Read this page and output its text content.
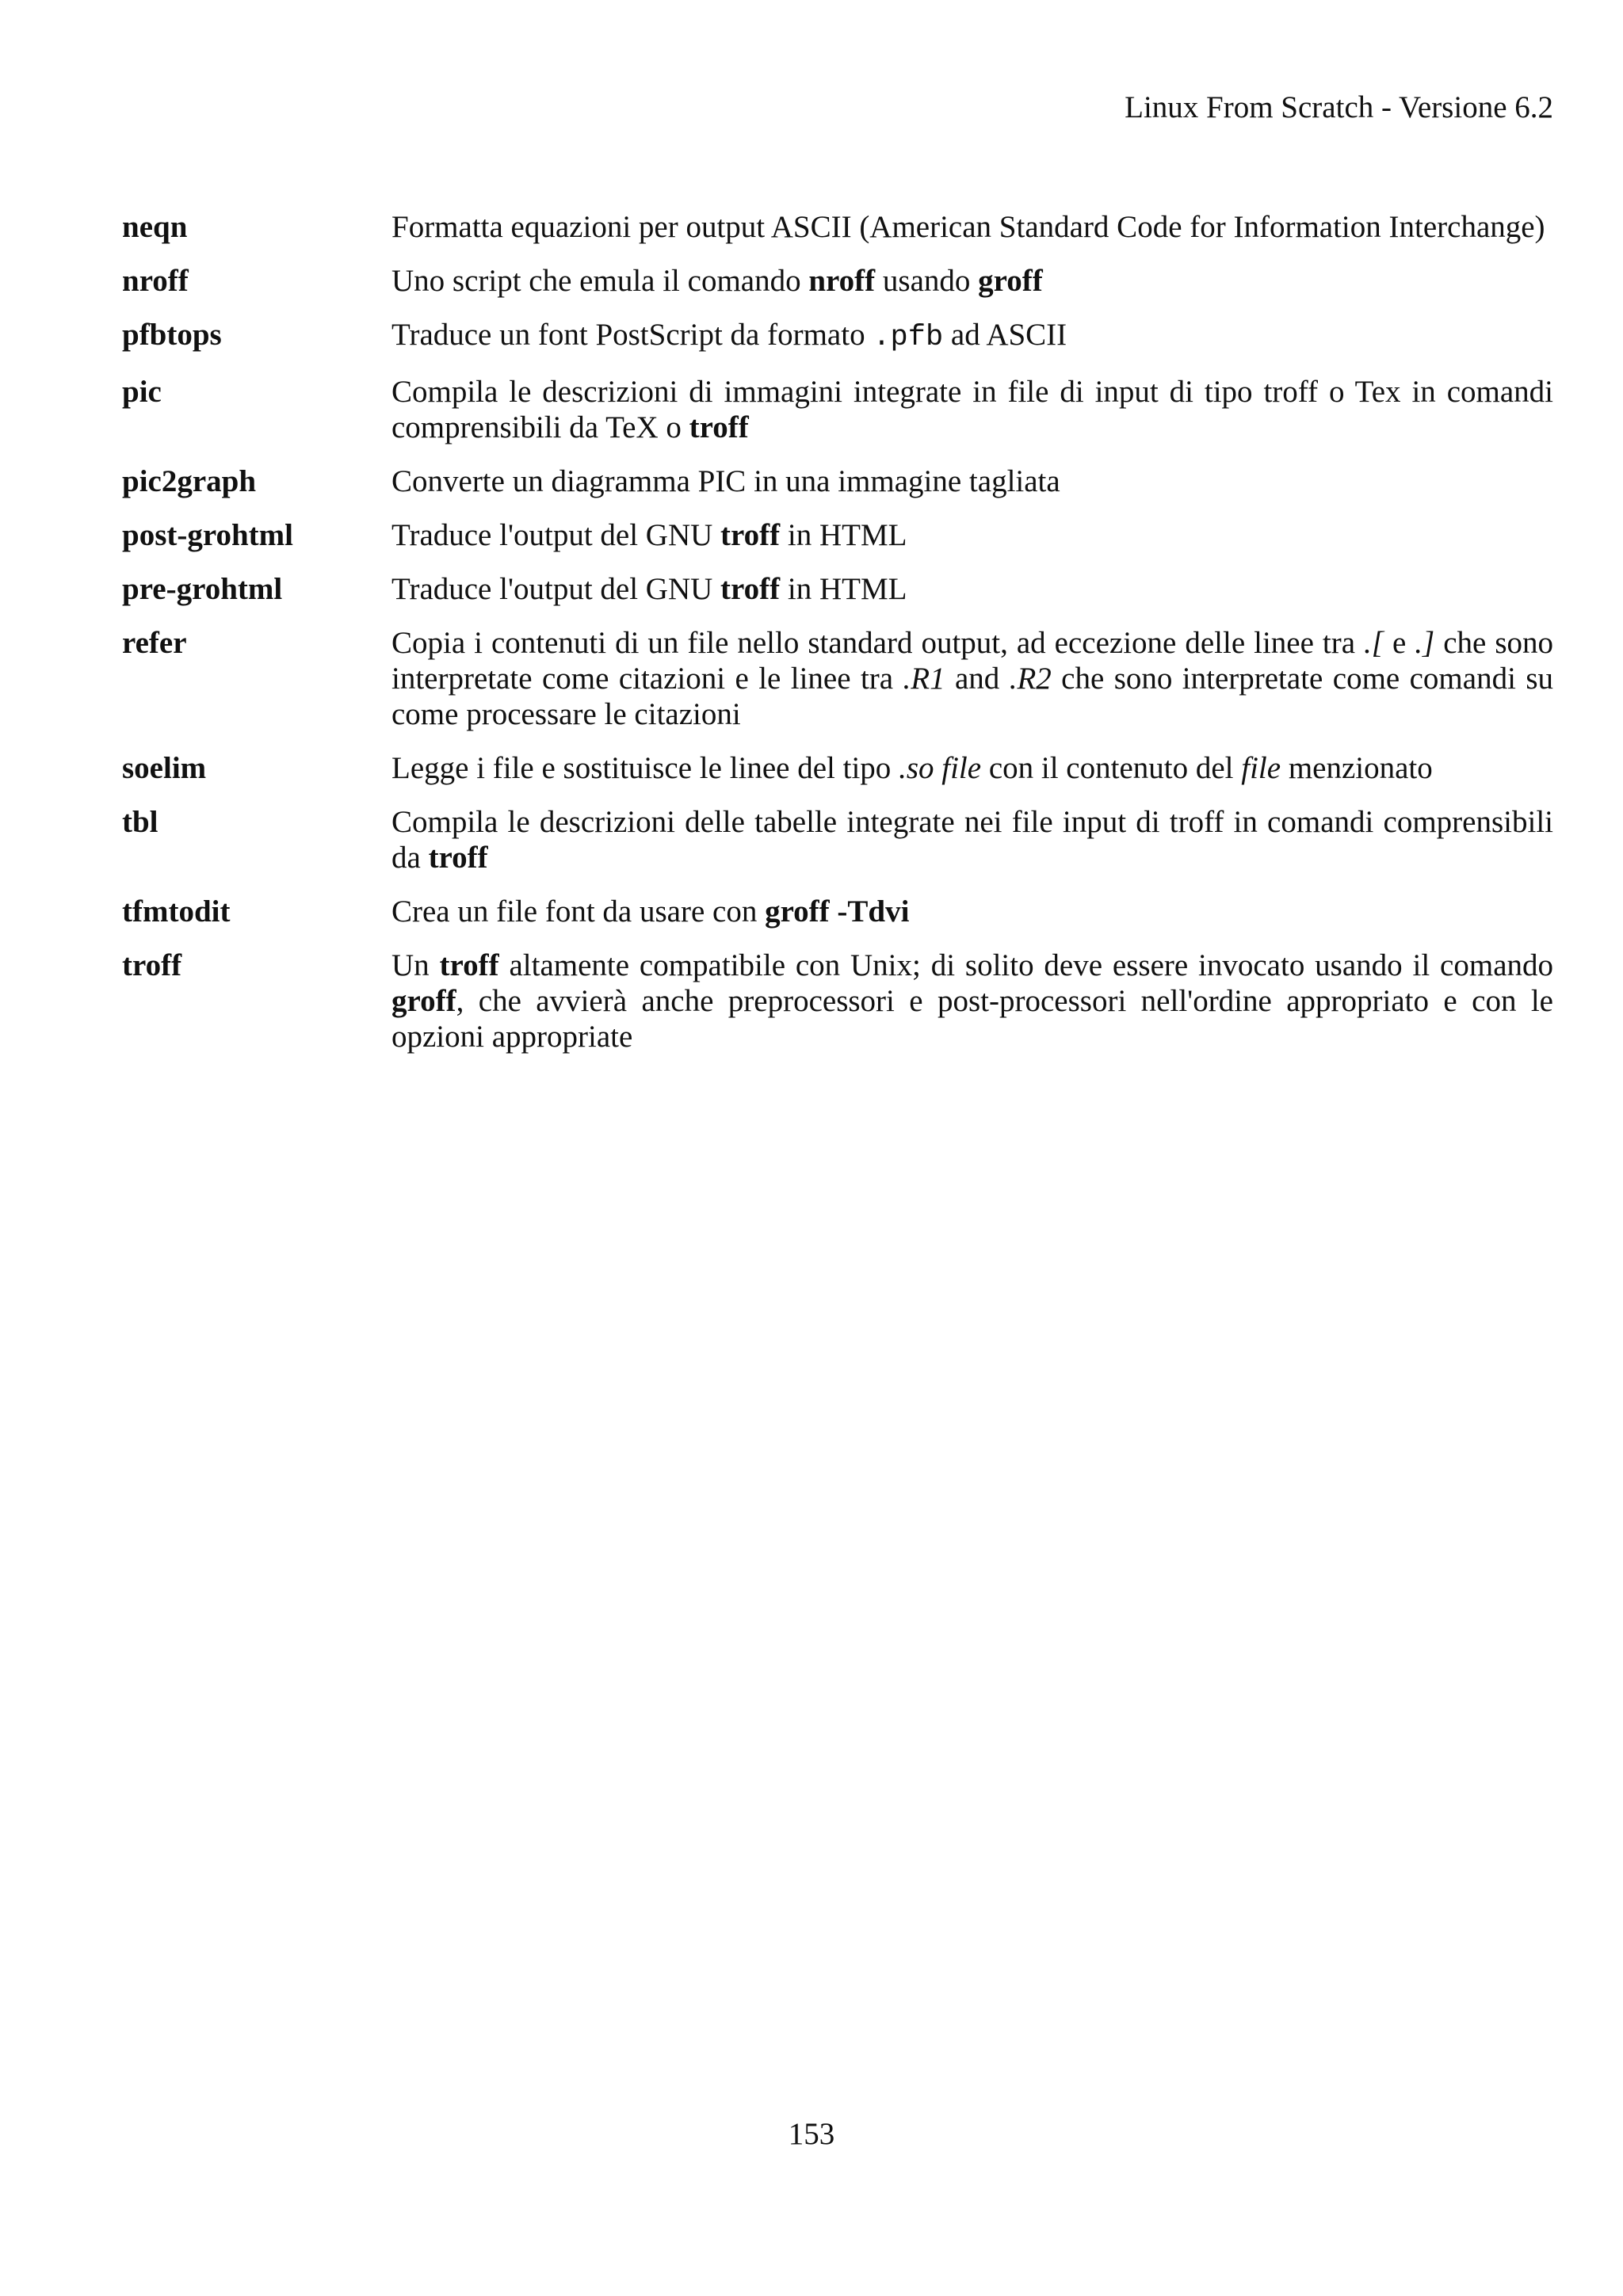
Linux From Scratch - Versione 6.2
neqn	Formatta equazioni per output ASCII (American Standard Code for Information Interchange)
nroff	Uno script che emula il comando nroff usando groff
pfbtops	Traduce un font PostScript da formato .pfb ad ASCII
pic	Compila le descrizioni di immagini integrate in file di input di tipo troff o Tex in comandi comprensibili da TeX o troff
pic2graph	Converte un diagramma PIC in una immagine tagliata
post-grohtml	Traduce l'output del GNU troff in HTML
pre-grohtml	Traduce l'output del GNU troff in HTML
refer	Copia i contenuti di un file nello standard output, ad eccezione delle linee tra .[ e .] che sono interpretate come citazioni e le linee tra .R1 and .R2 che sono interpretate come comandi su come processare le citazioni
soelim	Legge i file e sostituisce le linee del tipo .so file con il contenuto del file menzionato
tbl	Compila le descrizioni delle tabelle integrate nei file input di troff in comandi comprensibili da troff
tfmtodit	Crea un file font da usare con groff -Tdvi
troff	Un troff altamente compatibile con Unix; di solito deve essere invocato usando il comando groff, che avvierà anche preprocessori e post-processori nell'ordine appropriato e con le opzioni appropriate
153
